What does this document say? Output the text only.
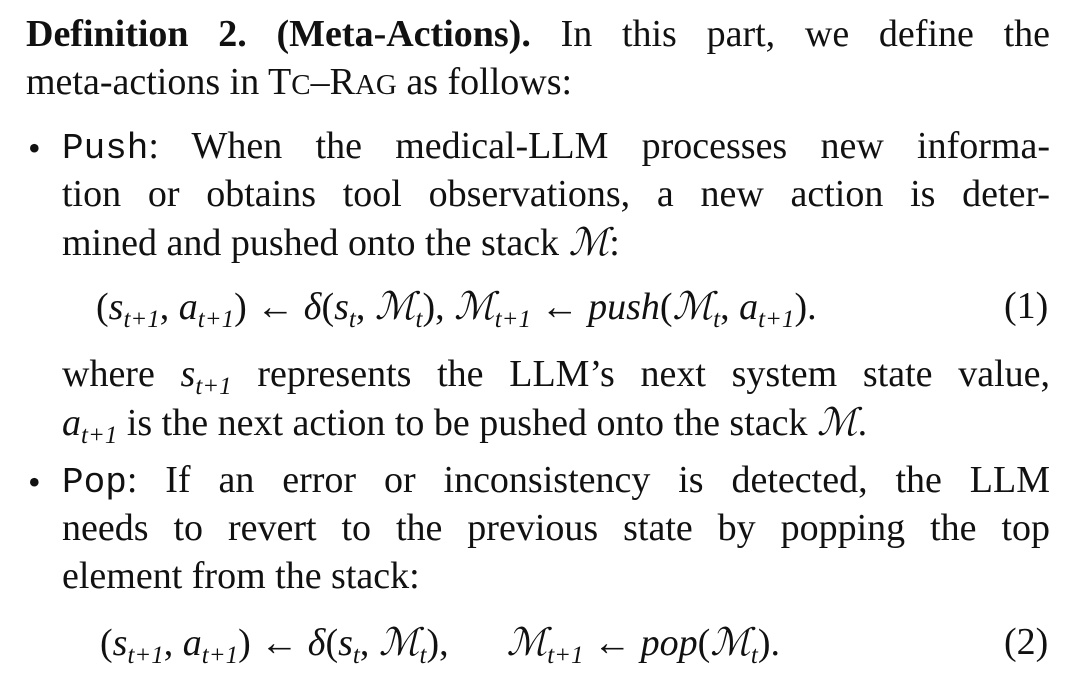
Definition 2. (Meta-Actions). In this part, we define the
meta-actions in TC–RAG as follows:
• Push: When the medical-LLM processes new informa-
tion or obtains tool observations, a new action is deter-
mined and pushed onto the stack ℳ:
($s_{t+1}$, $a_{t+1}$) ← $\delta(s_t$, ℳ$_t$), ℳ$_{t+1}$ ← push(ℳ$_t$, $a_{t+1}$).	(1)
where $s_{t+1}$ represents the LLM’s next system state value,
$a_{t+1}$ is the next action to be pushed onto the stack ℳ.
• Pop: If an error or inconsistency is detected, the LLM
needs to revert to the previous state by popping the top
element from the stack:
($s_{t+1}$, $a_{t+1}$) ← $\delta(s_t$, ℳ$_t$), ℳ$_{t+1}$ ← pop(ℳ$_t$).	(2)
